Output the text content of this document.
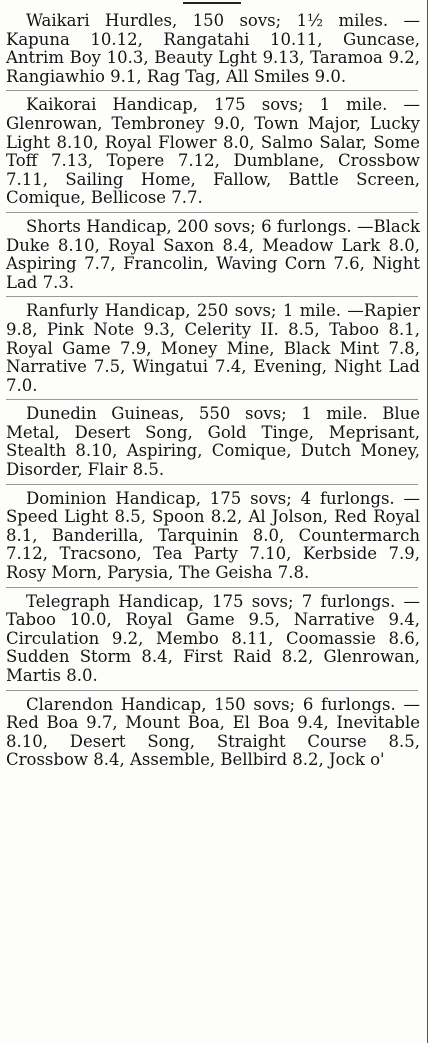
Waikari Hurdles, 150 sovs; 1½ miles. —Kapuna 10.12, Rangatahi 10.11, Guncase, Antrim Boy 10.3, Beauty Lght 9.13, Taramoa 9.2, Rangiawhio 9.1, Rag Tag, All Smiles 9.0.

Kaikorai Handicap, 175 sovs; 1 mile. —Glenrowan, Tembroney 9.0, Town Major, Lucky Light 8.10, Royal Flower 8.0, Salmo Salar, Some Toff 7.13, Topere 7.12, Dumblane, Crossbow 7.11, Sailing Home, Fallow, Battle Screen, Comique, Bellicose 7.7.

Shorts Handicap, 200 sovs; 6 furlongs. —Black Duke 8.10, Royal Saxon 8.4, Meadow Lark 8.0, Aspiring 7.7, Francolin, Waving Corn 7.6, Night Lad 7.3.

Ranfurly Handicap, 250 sovs; 1 mile. —Rapier 9.8, Pink Note 9.3, Celerity II. 8.5, Taboo 8.1, Royal Game 7.9, Money Mine, Black Mint 7.8, Narrative 7.5, Wingatui 7.4, Evening, Night Lad 7.0.

Dunedin Guineas, 550 sovs; 1 mile. Blue Metal, Desert Song, Gold Tinge, Meprisant, Stealth 8.10, Aspiring, Comique, Dutch Money, Disorder, Flair 8.5.

Dominion Handicap, 175 sovs; 4 furlongs. —Speed Light 8.5, Spoon 8.2, Al Jolson, Red Royal 8.1, Banderilla, Tarquinin 8.0, Countermarch 7.12, Tracsono, Tea Party 7.10, Kerbside 7.9, Rosy Morn, Parysia, The Geisha 7.8.

Telegraph Handicap, 175 sovs; 7 furlongs. —Taboo 10.0, Royal Game 9.5, Narrative 9.4, Circulation 9.2, Membo 8.11, Coomassie 8.6, Sudden Storm 8.4, First Raid 8.2, Glenrowan, Martis 8.0.

Clarendon Handicap, 150 sovs; 6 furlongs. —Red Boa 9.7, Mount Boa, El Boa 9.4, Inevitable 8.10, Desert Song, Straight Course 8.5, Crossbow 8.4, Assemble, Bellbird 8.2, Jock o'
